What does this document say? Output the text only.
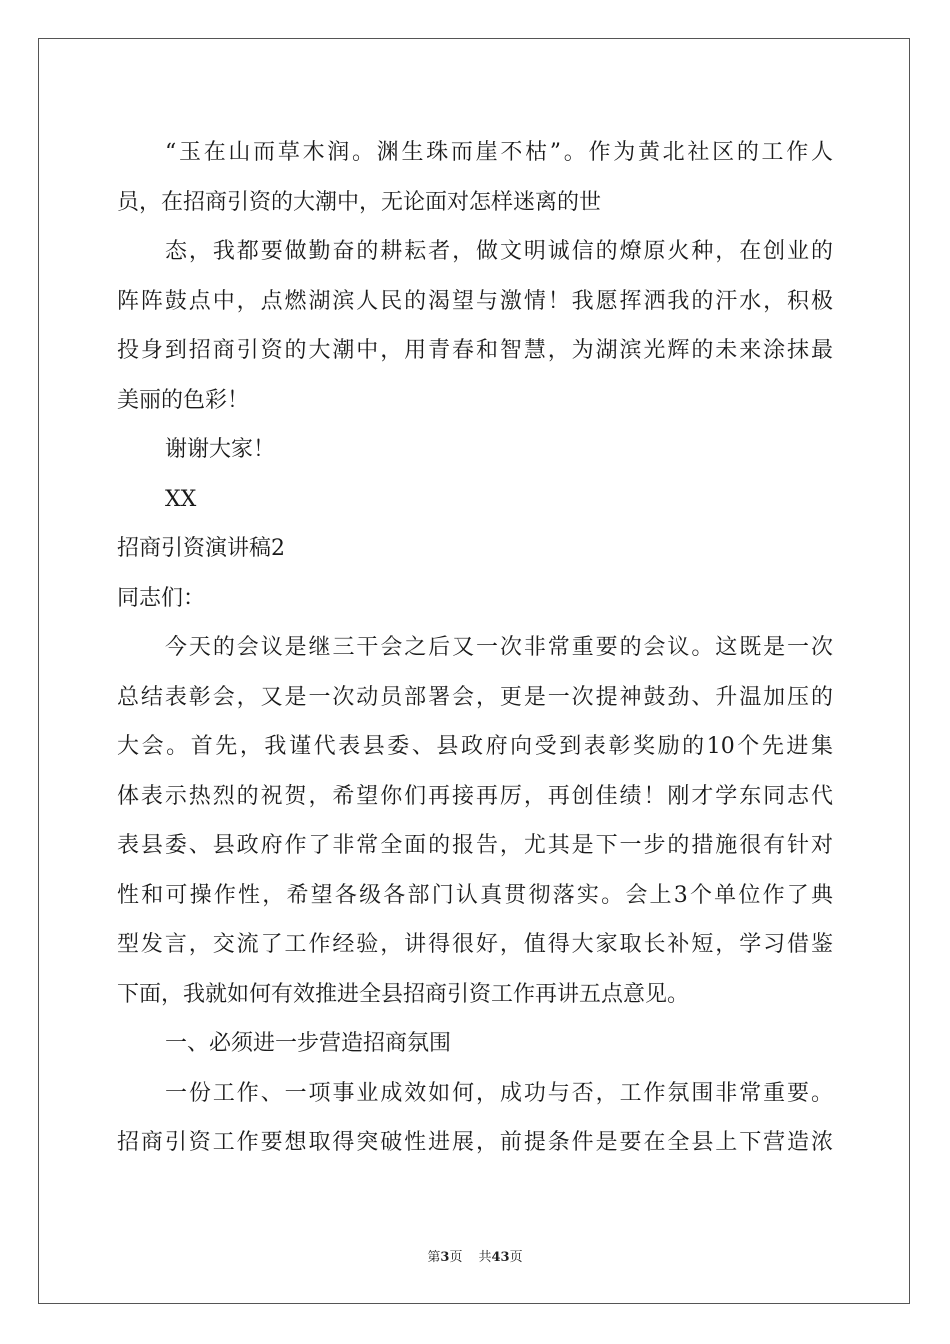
“玉在山而草木润。渊生珠而崖不枯”。作为黄北社区的工作人
员，在招商引资的大潮中，无论面对怎样迷离的世
态，我都要做勤奋的耕耘者，做文明诚信的燎原火种，在创业的
阵阵鼓点中，点燃湖滨人民的渴望与激情！我愿挥洒我的汗水，积极
投身到招商引资的大潮中，用青春和智慧，为湖滨光辉的未来涂抹最
美丽的色彩！
谢谢大家！
XX
招商引资演讲稿2
同志们：
今天的会议是继三干会之后又一次非常重要的会议。这既是一次
总结表彰会，又是一次动员部署会，更是一次提神鼓劲、升温加压的
大会。首先，我谨代表县委、县政府向受到表彰奖励的10个先进集
体表示热烈的祝贺，希望你们再接再厉，再创佳绩！刚才学东同志代
表县委、县政府作了非常全面的报告，尤其是下一步的措施很有针对
性和可操作性，希望各级各部门认真贯彻落实。会上3个单位作了典
型发言，交流了工作经验，讲得很好，值得大家取长补短，学习借鉴
下面，我就如何有效推进全县招商引资工作再讲五点意见。
一、必须进一步营造招商氛围
一份工作、一项事业成效如何，成功与否，工作氛围非常重要。
招商引资工作要想取得突破性进展，前提条件是要在全县上下营造浓
第3页 共43页
